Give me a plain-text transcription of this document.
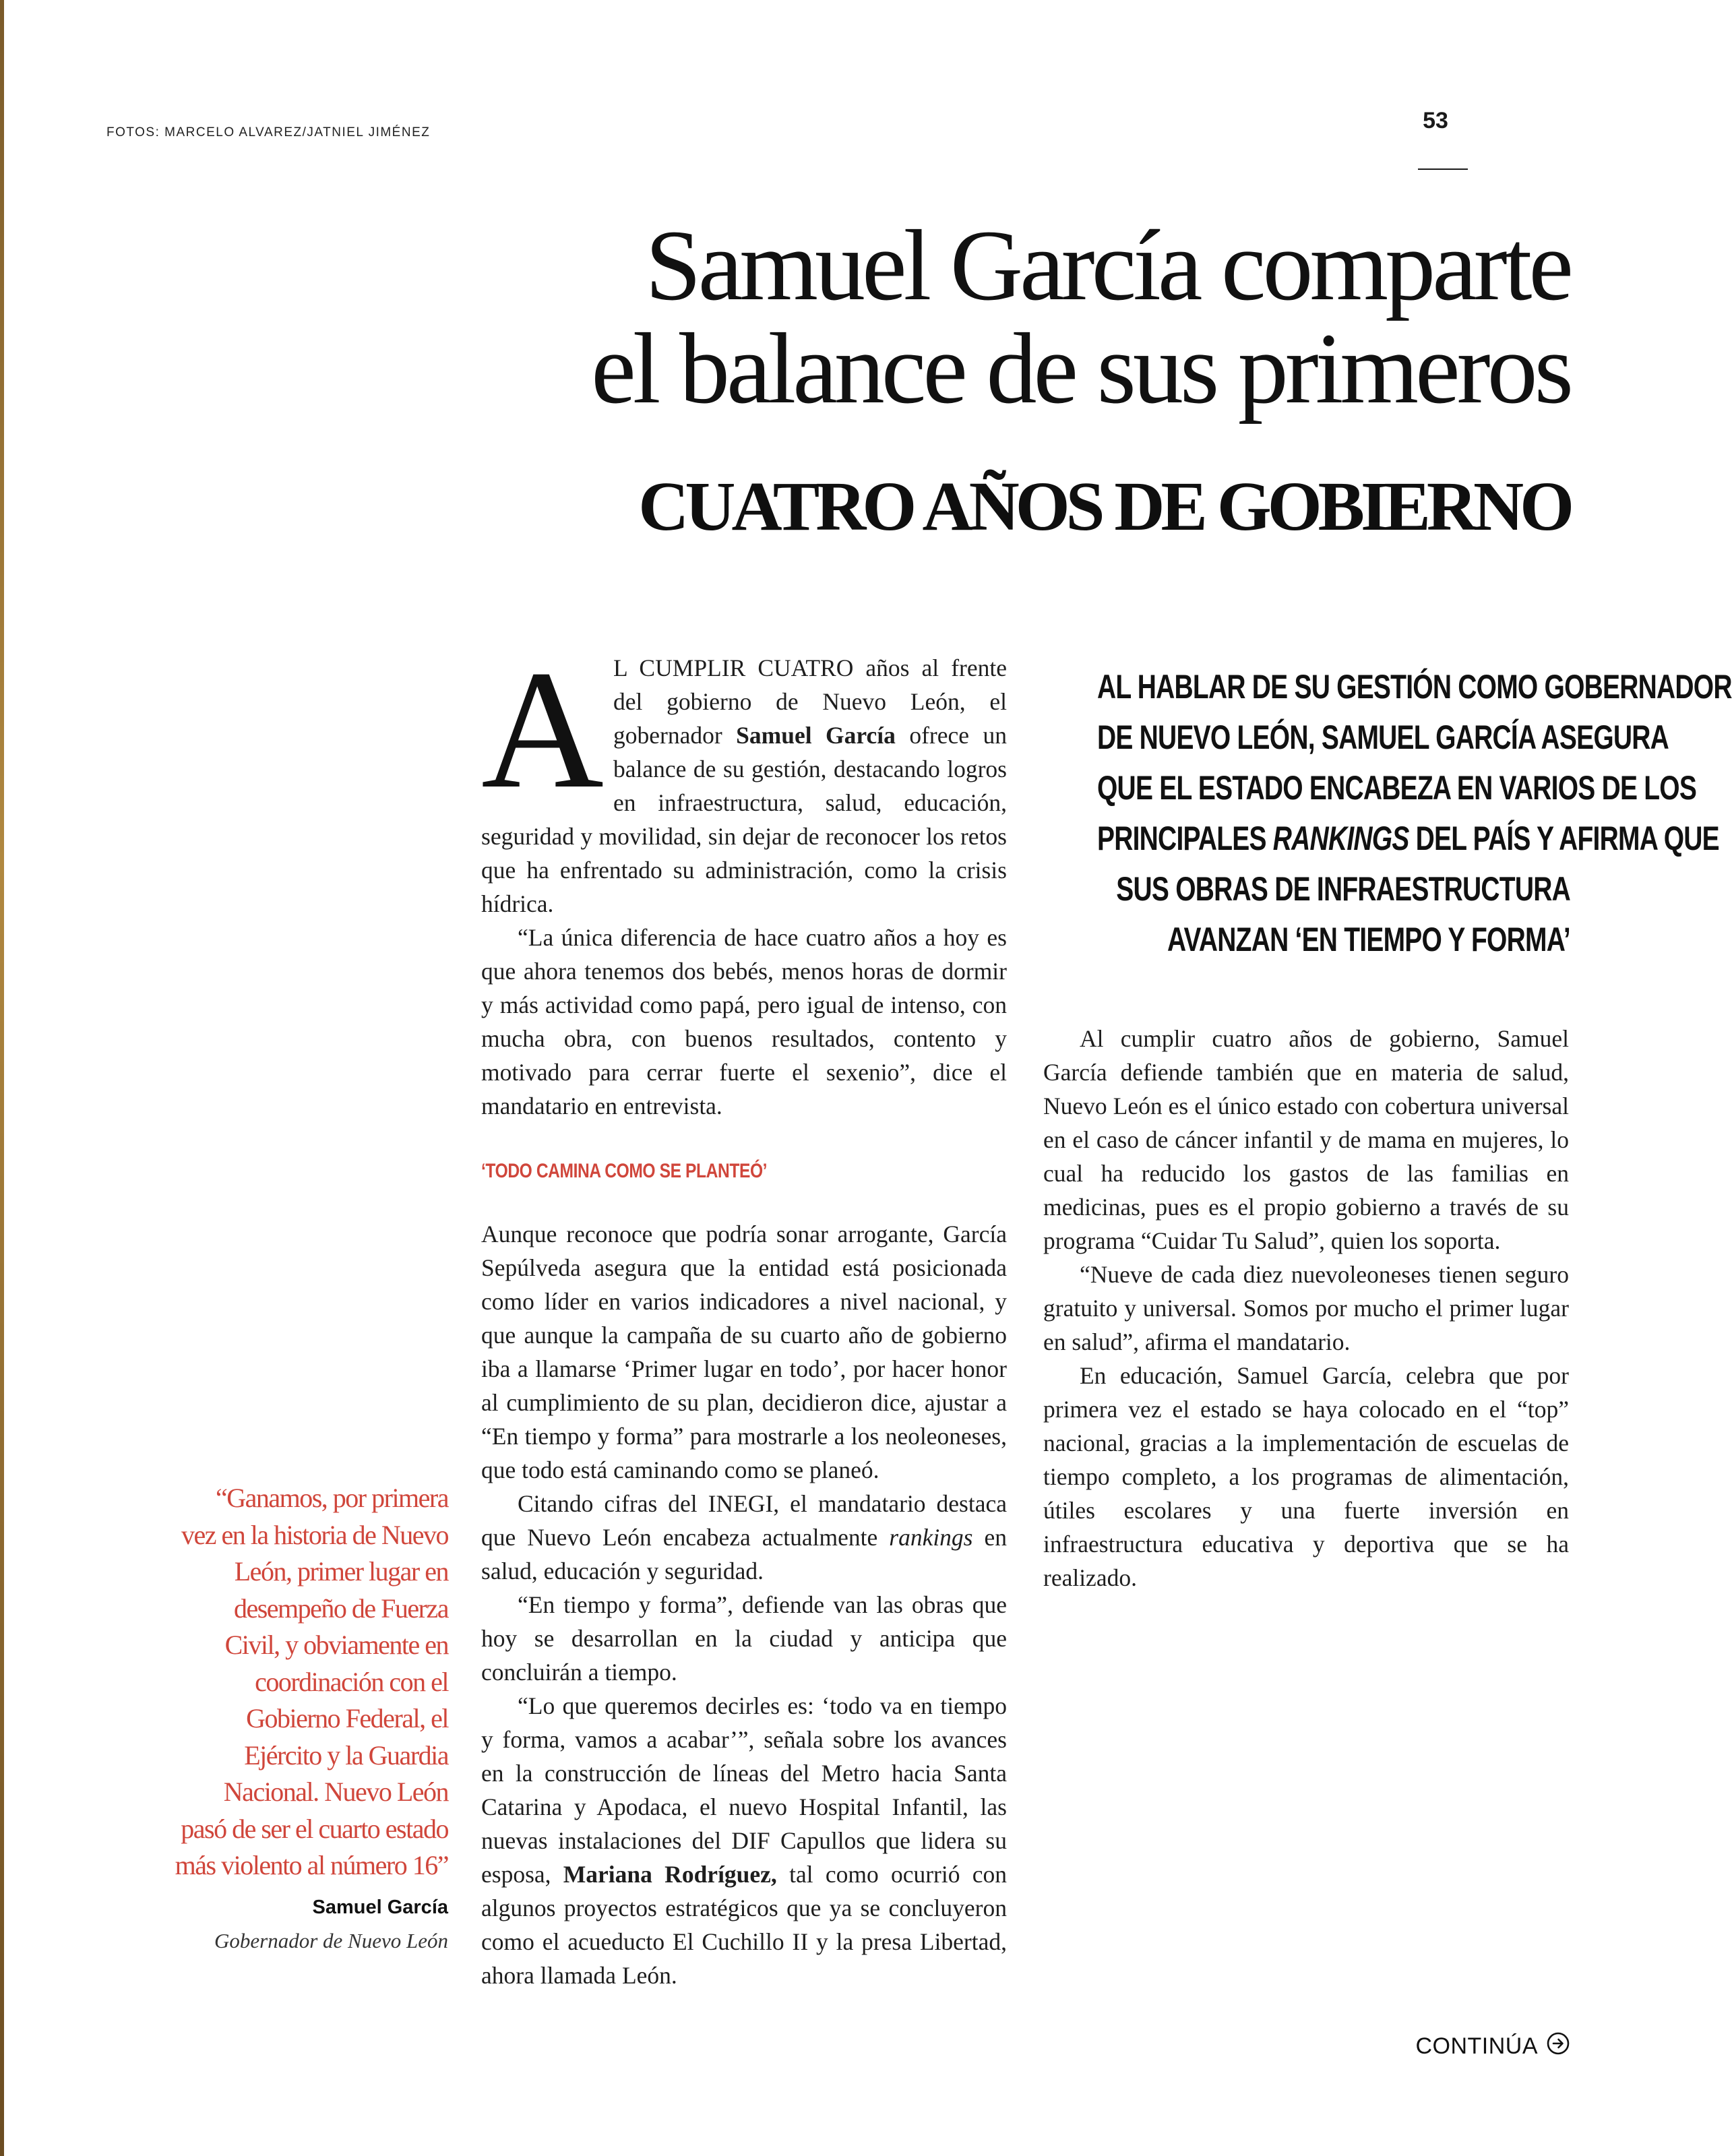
FOTOS: MARCELO ALVAREZ/JATNIEL JIMÉNEZ	53
Samuel García comparte
el balance de sus primeros
CUATRO AÑOS DE GOBIERNO
AL HABLAR DE SU GESTIÓN COMO GOBERNADOR
DE NUEVO LEÓN, SAMUEL GARCÍA ASEGURA
QUE EL ESTADO ENCABEZA EN VARIOS DE LOS
PRINCIPALES RANKINGS DEL PAÍS Y AFIRMA QUE
SUS OBRAS DE INFRAESTRUCTURA
AVANZAN ‘EN TIEMPO Y FORMA’

A L CUMPLIR CUATRO años al frente del gobierno de Nuevo León, el gobernador Samuel García ofrece un balance de su gestión, destacando logros en infraestructura, salud, educación, seguridad y movilidad, sin dejar de reconocer los retos que ha enfrentado su administración, como la crisis hídrica.

“La única diferencia de hace cuatro años a hoy es que ahora tenemos dos bebés, menos horas de dormir y más actividad como papá, pero igual de intenso, con mucha obra, con buenos resultados, contento y motivado para cerrar fuerte el sexenio”, dice el mandatario en entrevista.

‘TODO CAMINA COMO SE PLANTEÓ’

Aunque reconoce que podría sonar arrogante, García Sepúlveda asegura que la entidad está posicionada como líder en varios indicadores a nivel nacional, y que aunque la campaña de su cuarto año de gobierno iba a llamarse ‘Primer lugar en todo’, por hacer honor al cumplimiento de su plan, decidieron dice, ajustar a “En tiempo y forma” para mostrarle a los neoleoneses, que todo está caminando como se planeó.

Citando cifras del INEGI, el mandatario destaca que Nuevo León encabeza actualmente rankings en salud, educación y seguridad.

“En tiempo y forma”, defiende van las obras que hoy se desarrollan en la ciudad y anticipa que concluirán a tiempo.

“Lo que queremos decirles es: ‘todo va en tiempo y forma, vamos a acabar’”, señala sobre los avances en la construcción de líneas del Metro hacia Santa Catarina y Apodaca, el nuevo Hospital Infantil, las nuevas instalaciones del DIF Capullos que lidera su esposa, Mariana Rodríguez, tal como ocurrió con algunos proyectos estratégicos que ya se concluyeron como el acueducto El Cuchillo II y la presa Libertad, ahora llamada León.

Al cumplir cuatro años de gobierno, Samuel García defiende también que en materia de salud, Nuevo León es el único estado con cobertura universal en el caso de cáncer infantil y de mama en mujeres, lo cual ha reducido los gastos de las familias en medicinas, pues es el propio gobierno a través de su programa “Cuidar Tu Salud”, quien los soporta.

“Nueve de cada diez nuevoleoneses tienen seguro gratuito y universal. Somos por mucho el primer lugar en salud”, afirma el mandatario.

En educación, Samuel García, celebra que por primera vez el estado se haya colocado en el “top” nacional, gracias a la implementación de escuelas de tiempo completo, a los programas de alimentación, útiles escolares y una fuerte inversión en infraestructura educativa y deportiva que se ha realizado.

“Ganamos, por primera
vez en la historia de Nuevo
León, primer lugar en
desempeño de Fuerza
Civil, y obviamente en
coordinación con el
Gobierno Federal, el
Ejército y la Guardia
Nacional. Nuevo León
pasó de ser el cuarto estado
más violento al número 16”
Samuel García
Gobernador de Nuevo León
CONTINÚA
